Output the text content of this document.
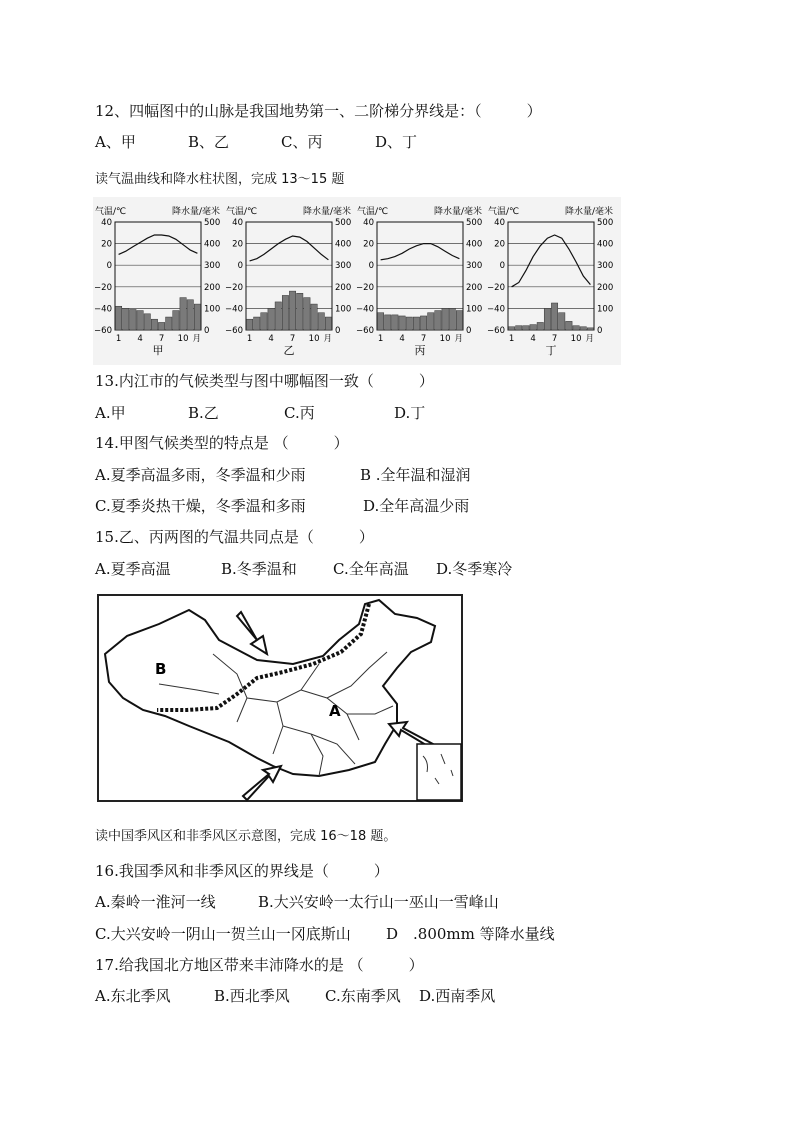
12、四幅图中的山脉是我国地势第一、二阶梯分界线是：（　　　）
A、甲	B、乙	C、丙	D、丁
读气温曲线和降水柱状图，完成 13～15 题
气温/℃	降水量/毫米
40	500
20	400
0	300
−20	200
−40	100
−60	0
1 4 7 10 月
甲
气温/℃	降水量/毫米
40	500
20	400
0	300
−20	200
−40	100
−60	0
1 4 7 10 月
乙
气温/℃	降水量/毫米
40	500
20	400
0	300
−20	200
−40	100
−60	0
1 4 7 10 月
丙
气温/℃	降水量/毫米
40	500
20	400
0	300
−20	200
−40	100
−60	0
1 4 7 10 月
丁
13.内江市的气候类型与图中哪幅图一致（　　　）
A.甲	B.乙	C.丙	D.丁
14.甲图气候类型的特点是 （　　　）
A.夏季高温多雨，冬季温和少雨	B .全年温和湿润
C.夏季炎热干燥，冬季温和多雨	D.全年高温少雨
15.乙、丙两图的气温共同点是（　　　）
A.夏季高温	B.冬季温和 C.全年高温 D.冬季寒冷
B
A
读中国季风区和非季风区示意图，完成 16～18 题。
16.我国季风和非季风区的界线是（　　　）
A.秦岭一淮河一线	B.大兴安岭一太行山一巫山一雪峰山
C.大兴安岭一阴山一贺兰山一冈底斯山 D　.800mm 等降水量线
17.给我国北方地区带来丰沛降水的是 （　　　）
A.东北季风	B.西北季风 C.东南季风 D.西南季风
